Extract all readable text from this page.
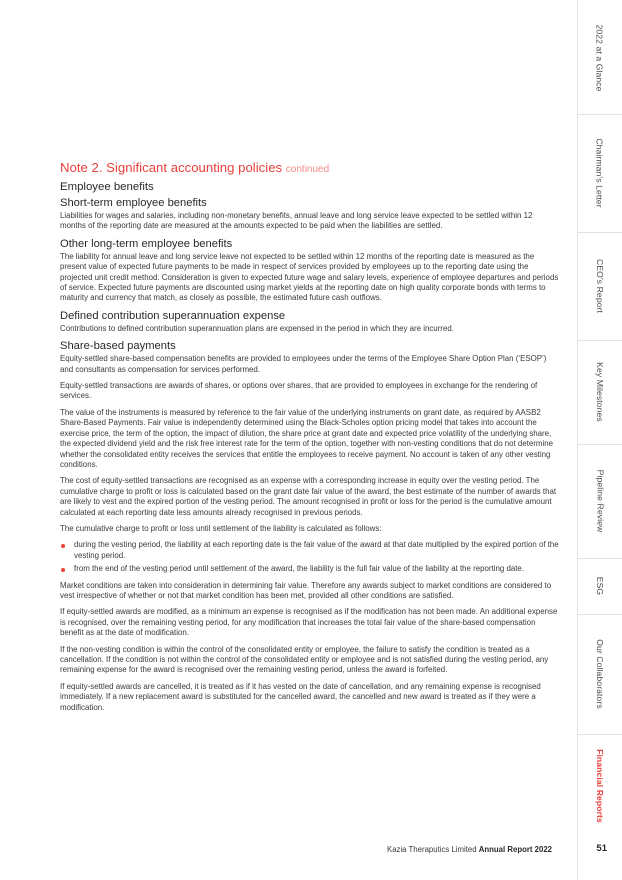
2022 at a Glance
Chairman’s Letter
CEO’s Report
Key Milestones
Pipeline Review
ESG
Our Collaborators
Financial Reports
51
Note 2. Significant accounting policies continued
Employee benefits
Short-term employee benefits

Liabilities for wages and salaries, including non-monetary benefits, annual leave and long service leave expected to be settled within 12 months of the reporting date are measured at the amounts expected to be paid when the liabilities are settled.

Other long-term employee benefits

The liability for annual leave and long service leave not expected to be settled within 12 months of the reporting date is measured as the present value of expected future payments to be made in respect of services provided by employees up to the reporting date using the projected unit credit method. Consideration is given to expected future wage and salary levels, experience of employee departures and periods of service. Expected future payments are discounted using market yields at the reporting date on high quality corporate bonds with terms to maturity and currency that match, as closely as possible, the estimated future cash outflows.

Defined contribution superannuation expense

Contributions to defined contribution superannuation plans are expensed in the period in which they are incurred.

Share-based payments

Equity-settled share-based compensation benefits are provided to employees under the terms of the Employee Share Option Plan (‘ESOP’) and consultants as compensation for services performed.

Equity-settled transactions are awards of shares, or options over shares, that are provided to employees in exchange for the rendering of services.

The value of the instruments is measured by reference to the fair value of the underlying instruments on grant date, as required by AASB2 Share-Based Payments. Fair value is independently determined using the Black-Scholes option pricing model that takes into account the exercise price, the term of the option, the impact of dilution, the share price at grant date and expected price volatility of the underlying share, the expected dividend yield and the risk free interest rate for the term of the option, together with non-vesting conditions that do not determine whether the consolidated entity receives the services that entitle the employees to receive payment. No account is taken of any other vesting conditions.

The cost of equity-settled transactions are recognised as an expense with a corresponding increase in equity over the vesting period. The cumulative charge to profit or loss is calculated based on the grant date fair value of the award, the best estimate of the number of awards that are likely to vest and the expired portion of the vesting period. The amount recognised in profit or loss for the period is the cumulative amount calculated at each reporting date less amounts already recognised in previous periods.

The cumulative charge to profit or loss until settlement of the liability is calculated as follows:

during the vesting period, the liability at each reporting date is the fair value of the award at that date multiplied by the expired portion of the vesting period.
from the end of the vesting period until settlement of the award, the liability is the full fair value of the liability at the reporting date.

Market conditions are taken into consideration in determining fair value. Therefore any awards subject to market conditions are considered to vest irrespective of whether or not that market condition has been met, provided all other conditions are satisfied.

If equity-settled awards are modified, as a minimum an expense is recognised as if the modification has not been made. An additional expense is recognised, over the remaining vesting period, for any modification that increases the total fair value of the share-based compensation benefit as at the date of modification.

If the non-vesting condition is within the control of the consolidated entity or employee, the failure to satisfy the condition is treated as a cancellation. If the condition is not within the control of the consolidated entity or employee and is not satisfied during the vesting period, any remaining expense for the award is recognised over the remaining vesting period, unless the award is forfeited.

If equity-settled awards are cancelled, it is treated as if it has vested on the date of cancellation, and any remaining expense is recognised immediately. If a new replacement award is substituted for the cancelled award, the cancelled and new award is treated as if they were a modification.

Kazia Theraputics Limited Annual Report 2022
